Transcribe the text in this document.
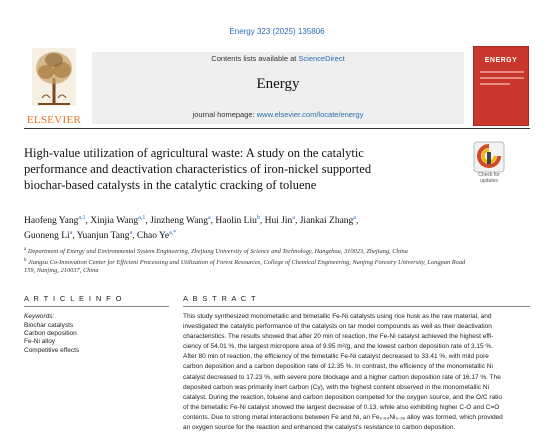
Energy 323 (2025) 135806
ELSEVIER
Contents lists available at ScienceDirect
Energy
journal homepage: www.elsevier.com/locate/energy
ENERGY
High-value utilization of agricultural waste: A study on the catalytic
performance and deactivation characteristics of iron-nickel supported
biochar-based catalysts in the catalytic cracking of toluene
Check for
updates
Haofeng Yang$^{a,1}$, Xinjia Wang$^{a,1}$, Jinzheng Wang$^a$, Haolin Liu$^b$, Hui Jin$^a$, Jiankai Zhang$^a$,
Guoneng Li$^a$, Yuanjun Tang$^a$, Chao $Ye^{a,*}$
$^a$ Department of Energy and Environmental System Engineering, Zhejiang University of Science and Technology, Hangzhou, 310023, Zhejiang, China
$^b$ Jiangsu Co-Innovation Center for Efficient Processing and Utilization of Forest Resources, College of Chemical Engineering, Nanjing Forestry University, Longpan Road
159, Nanjing, 210037, China
A R T I C L E I N F O
Keywords:
Biochar catalysts
Carbon deposition
Fe-Ni alloy
Competitive effects
A B S T R A C T
This study synthesized monometallic and bimetallic Fe-Ni catalysts using rice husk as the raw material, and
investigated the catalytic performance of the catalysts on tar model compounds as well as their deactivation
characteristics. The results showed that after 20 min of reaction, the Fe-Ni catalyst achieved the highest effi-
ciency of 54.01 %, the largest micropore area of 9.95 m²/g, and the lowest carbon deposition rate of 3.15 %.
After 80 min of reaction, the efficiency of the bimetallic Fe-Ni catalyst decreased to 33.41 %, with mild pore
carbon deposition and a carbon deposition rate of 12.35 %. In contrast, the efficiency of the monometallic Ni
catalyst decreased to 17.23 %, with severe pore blockage and a higher carbon deposition rate of 16.17 %. The
deposited carbon was primarily inert carbon (Cγ), with the highest content observed in the monometallic Ni
catalyst. During the reaction, toluene and carbon deposition competed for the oxygen source, and the O/C ratio
of the bimetallic Fe-Ni catalyst showed the largest decrease of 0.13, while also exhibiting higher C-O and C=O
contents. Due to strong metal interactions between Fe and Ni, an Fe₀.₆₄Ni₀.₃₆ alloy was formed, which provided
an oxygen source for the reaction and enhanced the catalyst's resistance to carbon deposition.
